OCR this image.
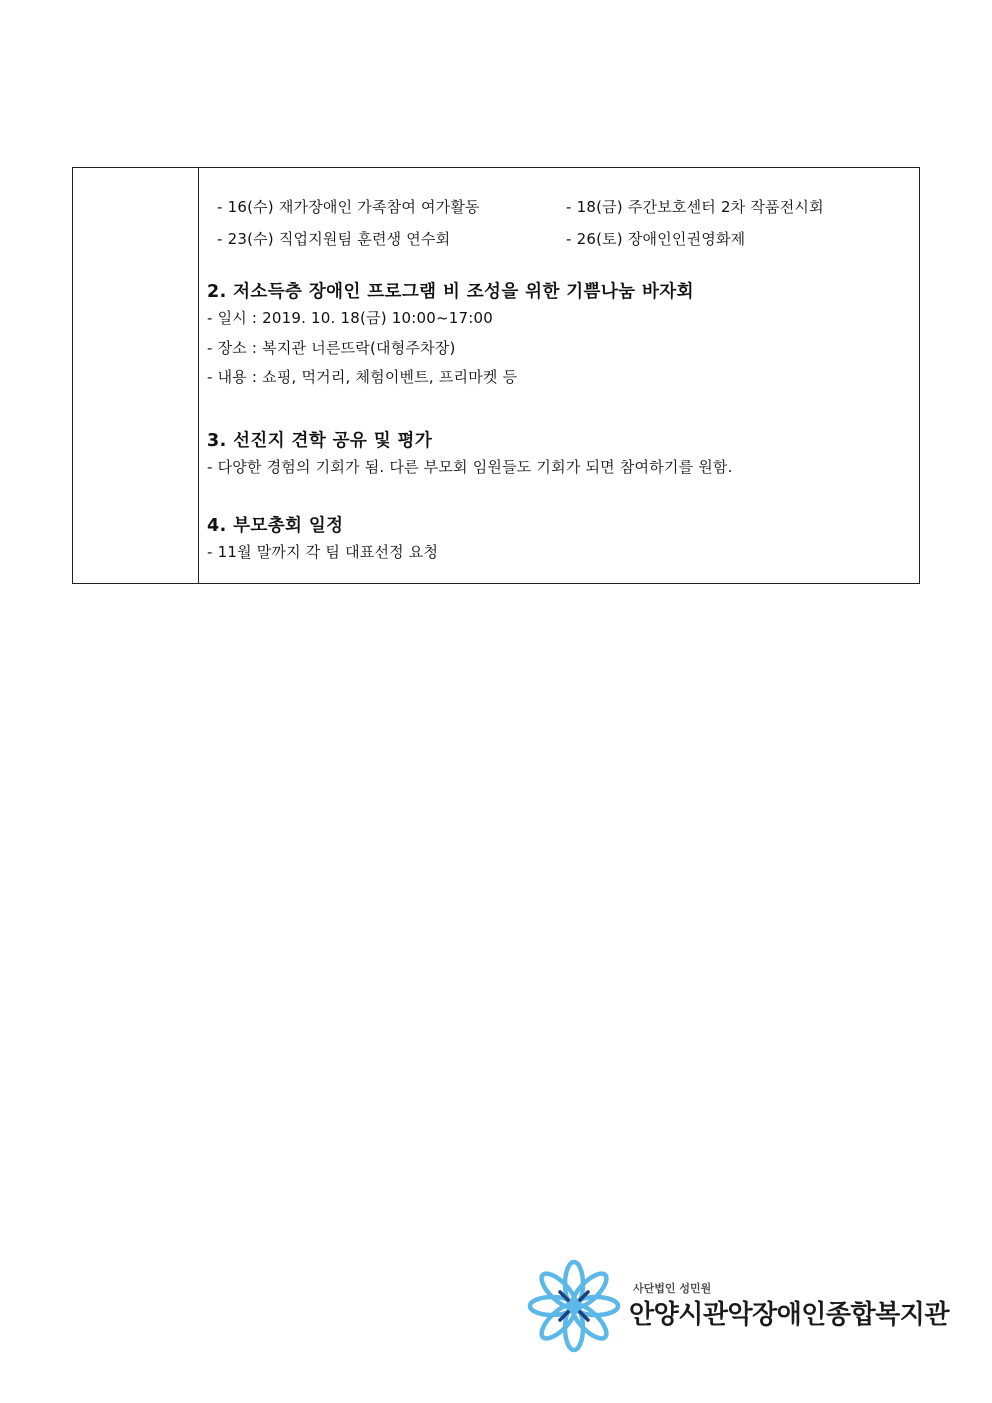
- 16(수) 재가장애인 가족참여 여가활동	- 18(금) 주간보호센터 2차 작품전시회
- 23(수) 직업지원팀 훈련생 연수회	- 26(토) 장애인인권영화제
2. 저소득층 장애인 프로그램 비 조성을 위한 기쁨나눔 바자회
- 일시 : 2019. 10. 18(금) 10:00~17:00
- 장소 : 복지관 너른뜨락(대형주차장)
- 내용 : 쇼핑, 먹거리, 체험이벤트, 프리마켓 등
3. 선진지 견학 공유 및 평가
- 다양한 경험의 기회가 됨. 다른 부모회 임원들도 기회가 되면 참여하기를 원함.
4. 부모총회 일정
- 11월 말까지 각 팀 대표선정 요청
사단법인 성민원
안양시관악장애인종합복지관
